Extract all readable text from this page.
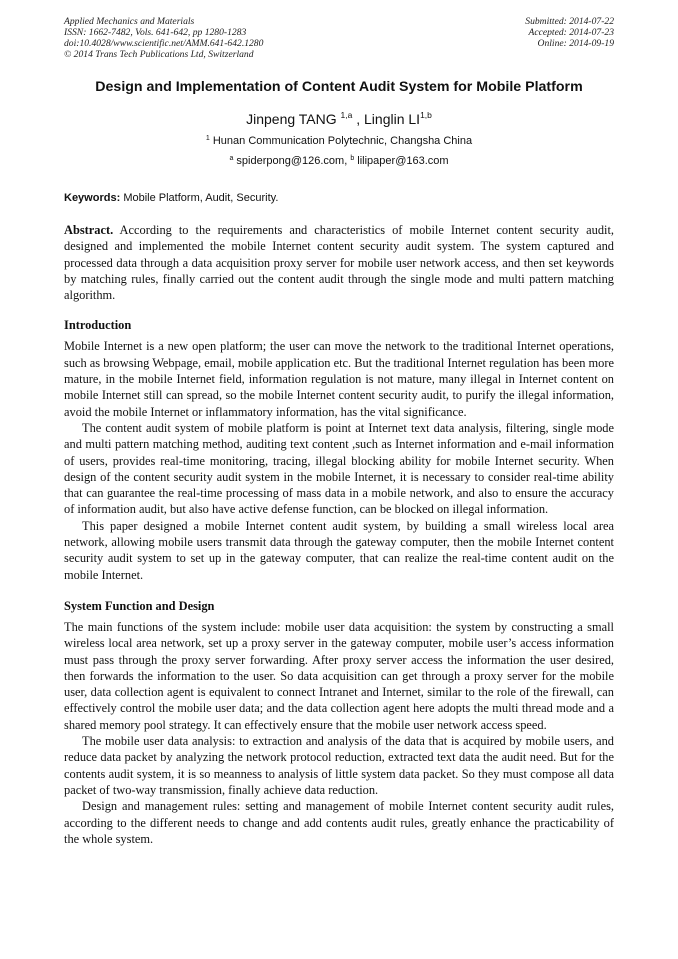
Applied Mechanics and Materials
ISSN: 1662-7482, Vols. 641-642, pp 1280-1283
doi:10.4028/www.scientific.net/AMM.641-642.1280
© 2014 Trans Tech Publications Ltd, Switzerland
Submitted: 2014-07-22
Accepted: 2014-07-23
Online: 2014-09-19
Design and Implementation of Content Audit System for Mobile Platform
Jinpeng TANG $^{1,a}$ , Linglin LI$^{1,b}$
$^1$ Hunan Communication Polytechnic, Changsha China
$^a$ spiderpong@126.com, $^b$ lilipaper@163.com
Keywords: Mobile Platform, Audit, Security.
Abstract. According to the requirements and characteristics of mobile Internet content security audit, designed and implemented the mobile Internet content security audit system. The system captured and processed data through a data acquisition proxy server for mobile user network access, and then set keywords by matching rules, finally carried out the content audit through the single mode and multi pattern matching algorithm.
Introduction

Mobile Internet is a new open platform; the user can move the network to the traditional Internet operations, such as browsing Webpage, email, mobile application etc. But the traditional Internet regulation has been more mature, in the mobile Internet field, information regulation is not mature, many illegal in Internet content on mobile Internet still can spread, so the mobile Internet content security audit, to purify the illegal information, avoid the mobile Internet or inflammatory information, has the vital significance.

The content audit system of mobile platform is point at Internet text data analysis, filtering, single mode and multi pattern matching method, auditing text content ,such as Internet information and e-mail information of users, provides real-time monitoring, tracing, illegal blocking ability for mobile Internet security. When design of the content security audit system in the mobile Internet, it is necessary to consider real-time ability that can guarantee the real-time processing of mass data in a mobile network, and also to ensure the accuracy of information audit, but also have active defense function, can be blocked on illegal information.

This paper designed a mobile Internet content audit system, by building a small wireless local area network, allowing mobile users transmit data through the gateway computer, then the mobile Internet content security audit system to set up in the gateway computer, that can realize the real-time content audit on the mobile Internet.

System Function and Design

The main functions of the system include: mobile user data acquisition: the system by constructing a small wireless local area network, set up a proxy server in the gateway computer, mobile user’s access information must pass through the proxy server forwarding. After proxy server access the information the user desired, then forwards the information to the user. So data acquisition can get through a proxy server for the mobile user, data collection agent is equivalent to connect Intranet and Internet, similar to the role of the firewall, can effectively control the mobile user data; and the data collection agent here adopts the multi thread mode and a shared memory pool strategy. It can effectively ensure that the mobile user network access speed.

The mobile user data analysis: to extraction and analysis of the data that is acquired by mobile users, and reduce data packet by analyzing the network protocol reduction, extracted text data the audit need. But for the contents audit system, it is so meanness to analysis of little system data packet. So they must compose all data packet of two-way transmission, finally achieve data reduction.

Design and management rules: setting and management of mobile Internet content security audit rules, according to the different needs to change and add contents audit rules, greatly enhance the practicability of the whole system.
